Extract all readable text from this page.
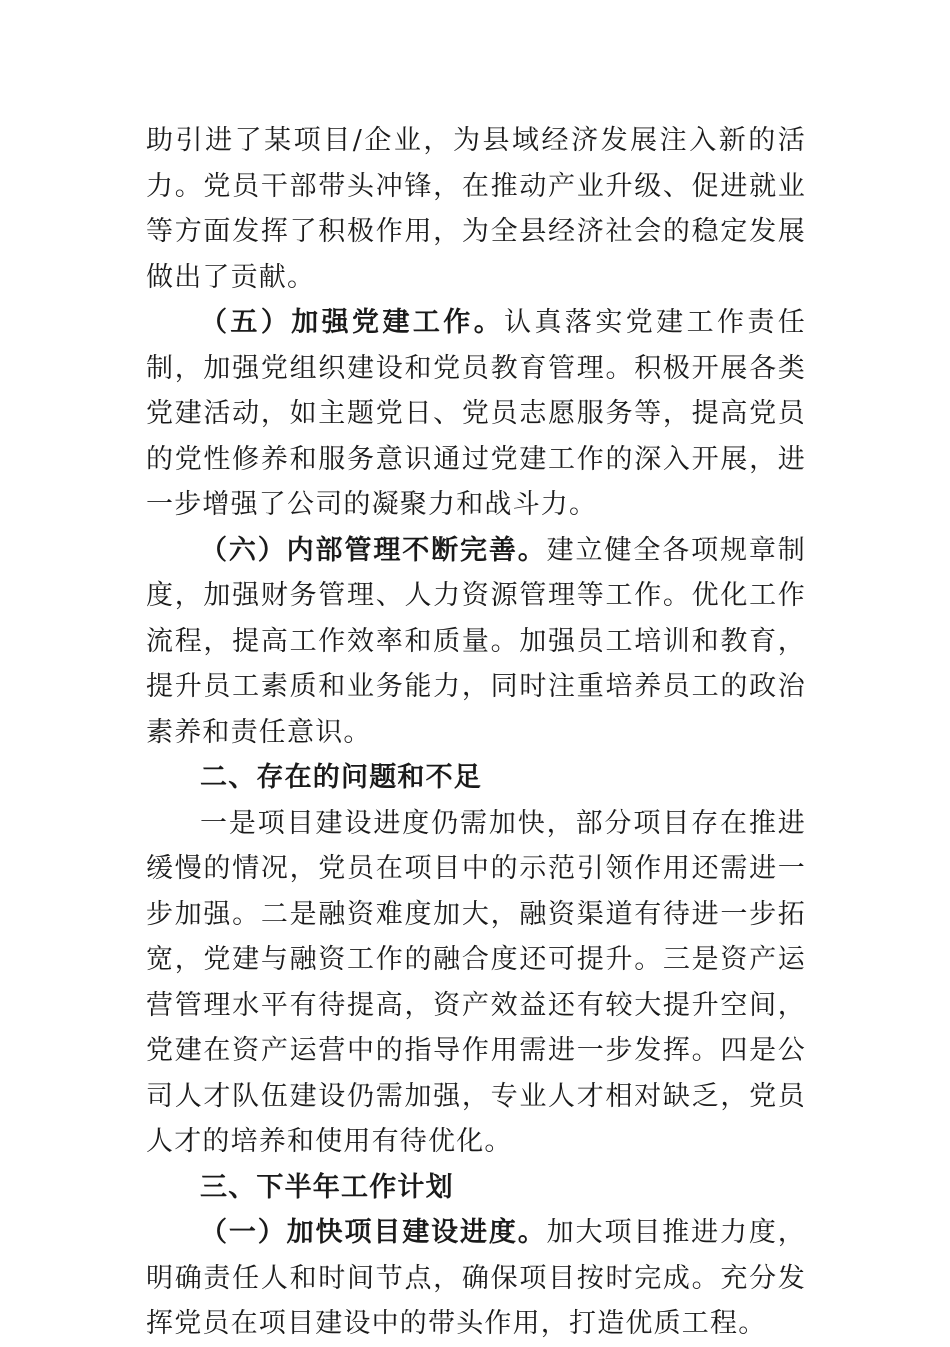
助引进了某项目/企业，为县域经济发展注入新的活力。党员干部带头冲锋，在推动产业升级、促进就业等方面发挥了积极作用，为全县经济社会的稳定发展做出了贡献。

（五）加强党建工作。认真落实党建工作责任制，加强党组织建设和党员教育管理。积极开展各类党建活动，如主题党日、党员志愿服务等，提高党员的党性修养和服务意识通过党建工作的深入开展，进一步增强了公司的凝聚力和战斗力。

（六）内部管理不断完善。建立健全各项规章制度，加强财务管理、人力资源管理等工作。优化工作流程，提高工作效率和质量。加强员工培训和教育，提升员工素质和业务能力，同时注重培养员工的政治素养和责任意识。

二、存在的问题和不足

一是项目建设进度仍需加快，部分项目存在推进缓慢的情况，党员在项目中的示范引领作用还需进一步加强。二是融资难度加大，融资渠道有待进一步拓宽，党建与融资工作的融合度还可提升。三是资产运营管理水平有待提高，资产效益还有较大提升空间，党建在资产运营中的指导作用需进一步发挥。四是公司人才队伍建设仍需加强，专业人才相对缺乏，党员人才的培养和使用有待优化。

三、下半年工作计划

（一）加快项目建设进度。加大项目推进力度，明确责任人和时间节点，确保项目按时完成。充分发挥党员在项目建设中的带头作用，打造优质工程。
